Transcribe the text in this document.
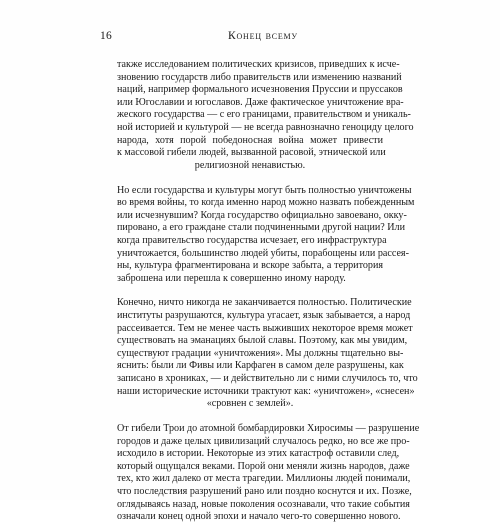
16	Конец всему
также исследованием политических кризисов, приведших к исче-
зновению государств либо правительств или изменению названий
наций, например формального исчезновения Пруссии и пруссаков
или Югославии и югославов. Даже фактическое уничтожение вра-
жеского государства — с его границами, правительством и уникаль-
ной историей и культурой — не всегда равнозначно геноциду целого
народа, хотя порой победоносная война может привести
к массовой гибели людей, вызванной расовой, этнической или
религиозной ненавистью.
Но если государства и культуры могут быть полностью уничтожены
во время войны, то когда именно народ можно назвать побежденным
или исчезнувшим? Когда государство официально завоевано, окку-
пировано, а его граждане стали подчиненными другой нации? Или
когда правительство государства исчезает, его инфраструктура
уничтожается, большинство людей убиты, порабощены или рассея-
ны, культура фрагментирована и вскоре забыта, а территория
заброшена или перешла к совершенно иному народу.
Конечно, ничто никогда не заканчивается полностью. Политические
институты разрушаются, культура угасает, язык забывается, а народ
рассеивается. Тем не менее часть выживших некоторое время может
существовать на эманациях былой славы. Поэтому, как мы увидим,
существуют градации «уничтожения». Мы должны тщательно вы-
яснить: были ли Фивы или Карфаген в самом деле разрушены, как
записано в хрониках, — и действительно ли с ними случилось то, что
наши исторические источники трактуют как: «уничтожен», «снесен»
«сровнен с землей».
От гибели Трои до атомной бомбардировки Хиросимы — разрушение
городов и даже целых цивилизаций случалось редко, но все же про-
исходило в истории. Некоторые из этих катастроф оставили след,
который ощущался веками. Порой они меняли жизнь народов, даже
тех, кто жил далеко от места трагедии. Миллионы людей понимали,
что последствия разрушений рано или поздно коснутся и их. Позже,
оглядываясь назад, новые поколения осознавали, что такие события
означали конец одной эпохи и начало чего-то совершенно нового.
